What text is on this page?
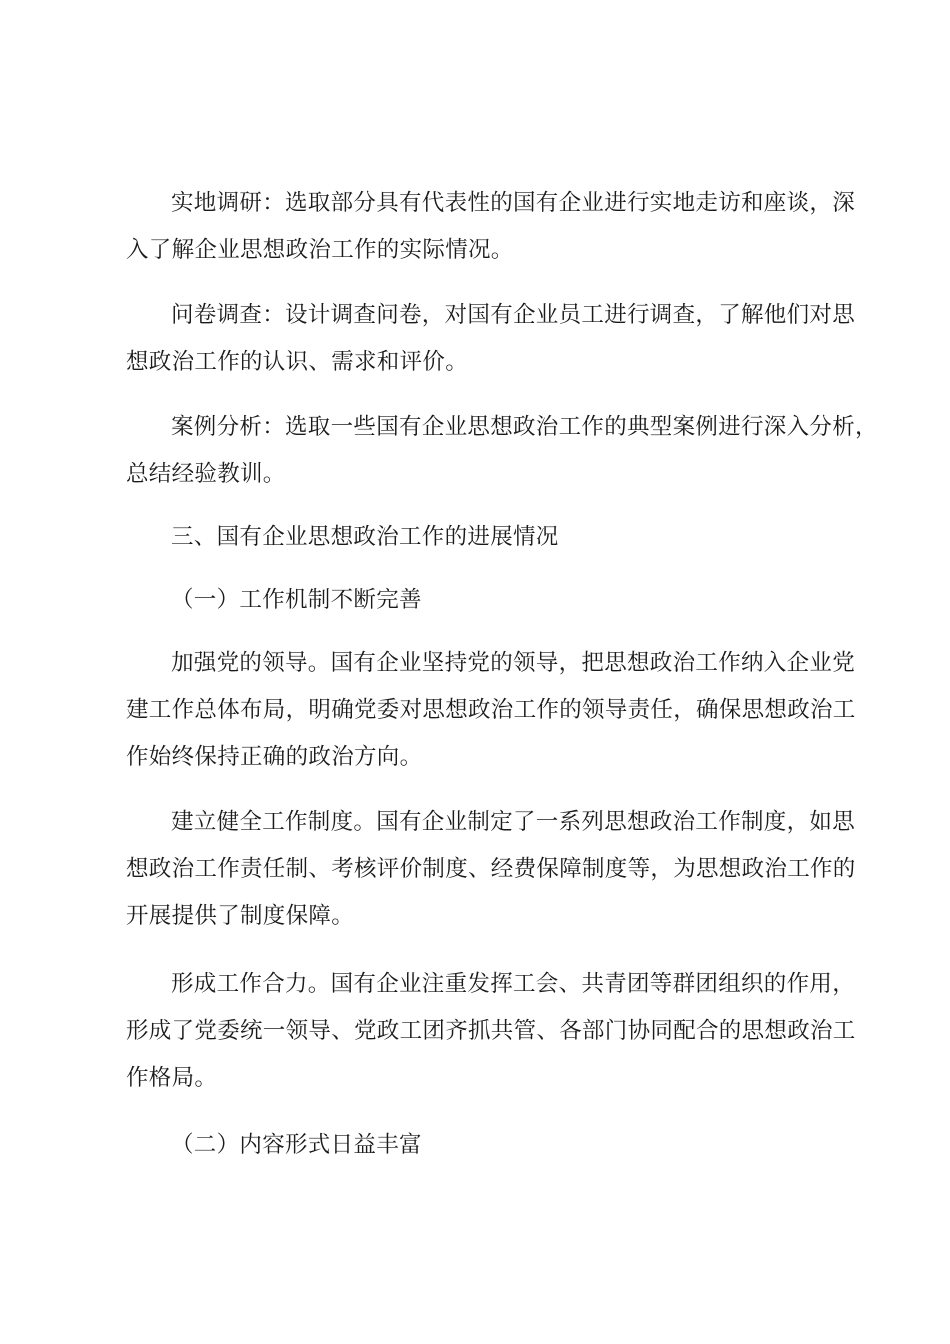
实地调研：选取部分具有代表性的国有企业进行实地走访和座谈，深
入了解企业思想政治工作的实际情况。
问卷调查：设计调查问卷，对国有企业员工进行调查，了解他们对思
想政治工作的认识、需求和评价。
案例分析：选取一些国有企业思想政治工作的典型案例进行深入分析，
总结经验教训。
三、国有企业思想政治工作的进展情况
（一）工作机制不断完善
加强党的领导。国有企业坚持党的领导，把思想政治工作纳入企业党
建工作总体布局，明确党委对思想政治工作的领导责任，确保思想政治工
作始终保持正确的政治方向。
建立健全工作制度。国有企业制定了一系列思想政治工作制度，如思
想政治工作责任制、考核评价制度、经费保障制度等，为思想政治工作的
开展提供了制度保障。
形成工作合力。国有企业注重发挥工会、共青团等群团组织的作用，
形成了党委统一领导、党政工团齐抓共管、各部门协同配合的思想政治工
作格局。
（二）内容形式日益丰富
